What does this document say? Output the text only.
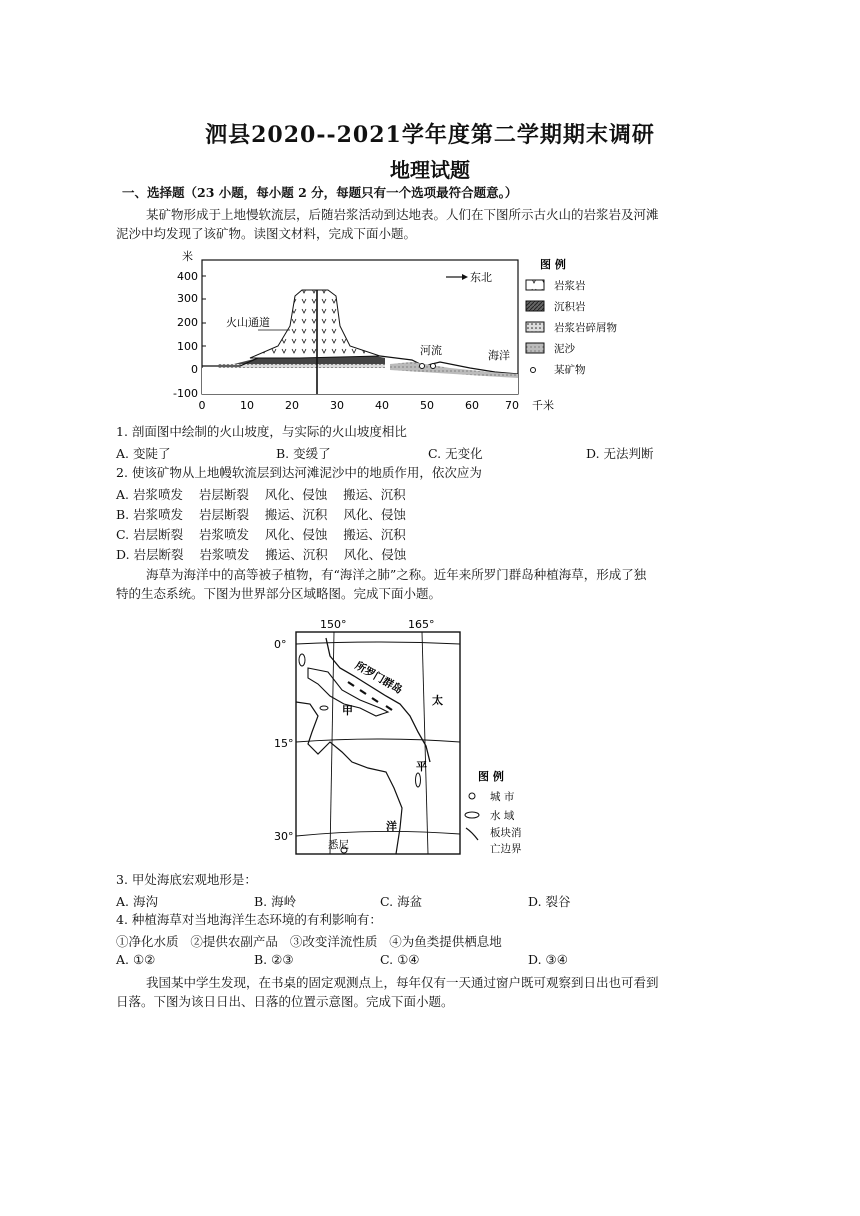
泗县2020--2021学年度第二学期期末调研
地理试题
一、选择题（23 小题，每小题 2 分，每题只有一个选项最符合题意。）
某矿物形成于上地慢软流层，后随岩浆活动到达地表。人们在下图所示古火山的岩浆岩及河滩
泥沙中均发现了该矿物。读图文材料，完成下面小题。
米
400
300
200
100
0
-100
0	10	20	30	40	50	60 70 千米
火山通道
河流	海洋
东北
图 例
岩浆岩
沉积岩
岩浆岩碎屑物
泥沙
某矿物
1. 剖面图中绘制的火山坡度，与实际的火山坡度相比
A. 变陡了	B. 变缓了	C. 无变化	D. 无法判断
2. 使该矿物从上地幔软流层到达河滩泥沙中的地质作用，依次应为
A. 岩浆喷发    岩层断裂    风化、侵蚀    搬运、沉积
B. 岩浆喷发    岩层断裂    搬运、沉积    风化、侵蚀
C. 岩层断裂    岩浆喷发    风化、侵蚀    搬运、沉积
D. 岩层断裂    岩浆喷发    搬运、沉积    风化、侵蚀
海草为海洋中的高等被子植物，有“海洋之肺”之称。近年来所罗门群岛种植海草，形成了独
特的生态系统。下图为世界部分区域略图。完成下面小题。
150°	165°
0°
15°
30°
所罗门群岛
甲
太
平
洋
悉尼
图 例
城 市
水 域
板块消
亡边界
3. 甲处海底宏观地形是：
A. 海沟	B. 海岭	C. 海盆	D. 裂谷
4. 种植海草对当地海洋生态环境的有利影响有：
①净化水质   ②提供农副产品   ③改变洋流性质   ④为鱼类提供栖息地
A. ①②	B. ②③	C. ①④	D. ③④
我国某中学生发现，在书桌的固定观测点上，每年仅有一天通过窗户既可观察到日出也可看到
日落。下图为该日日出、日落的位置示意图。完成下面小题。
